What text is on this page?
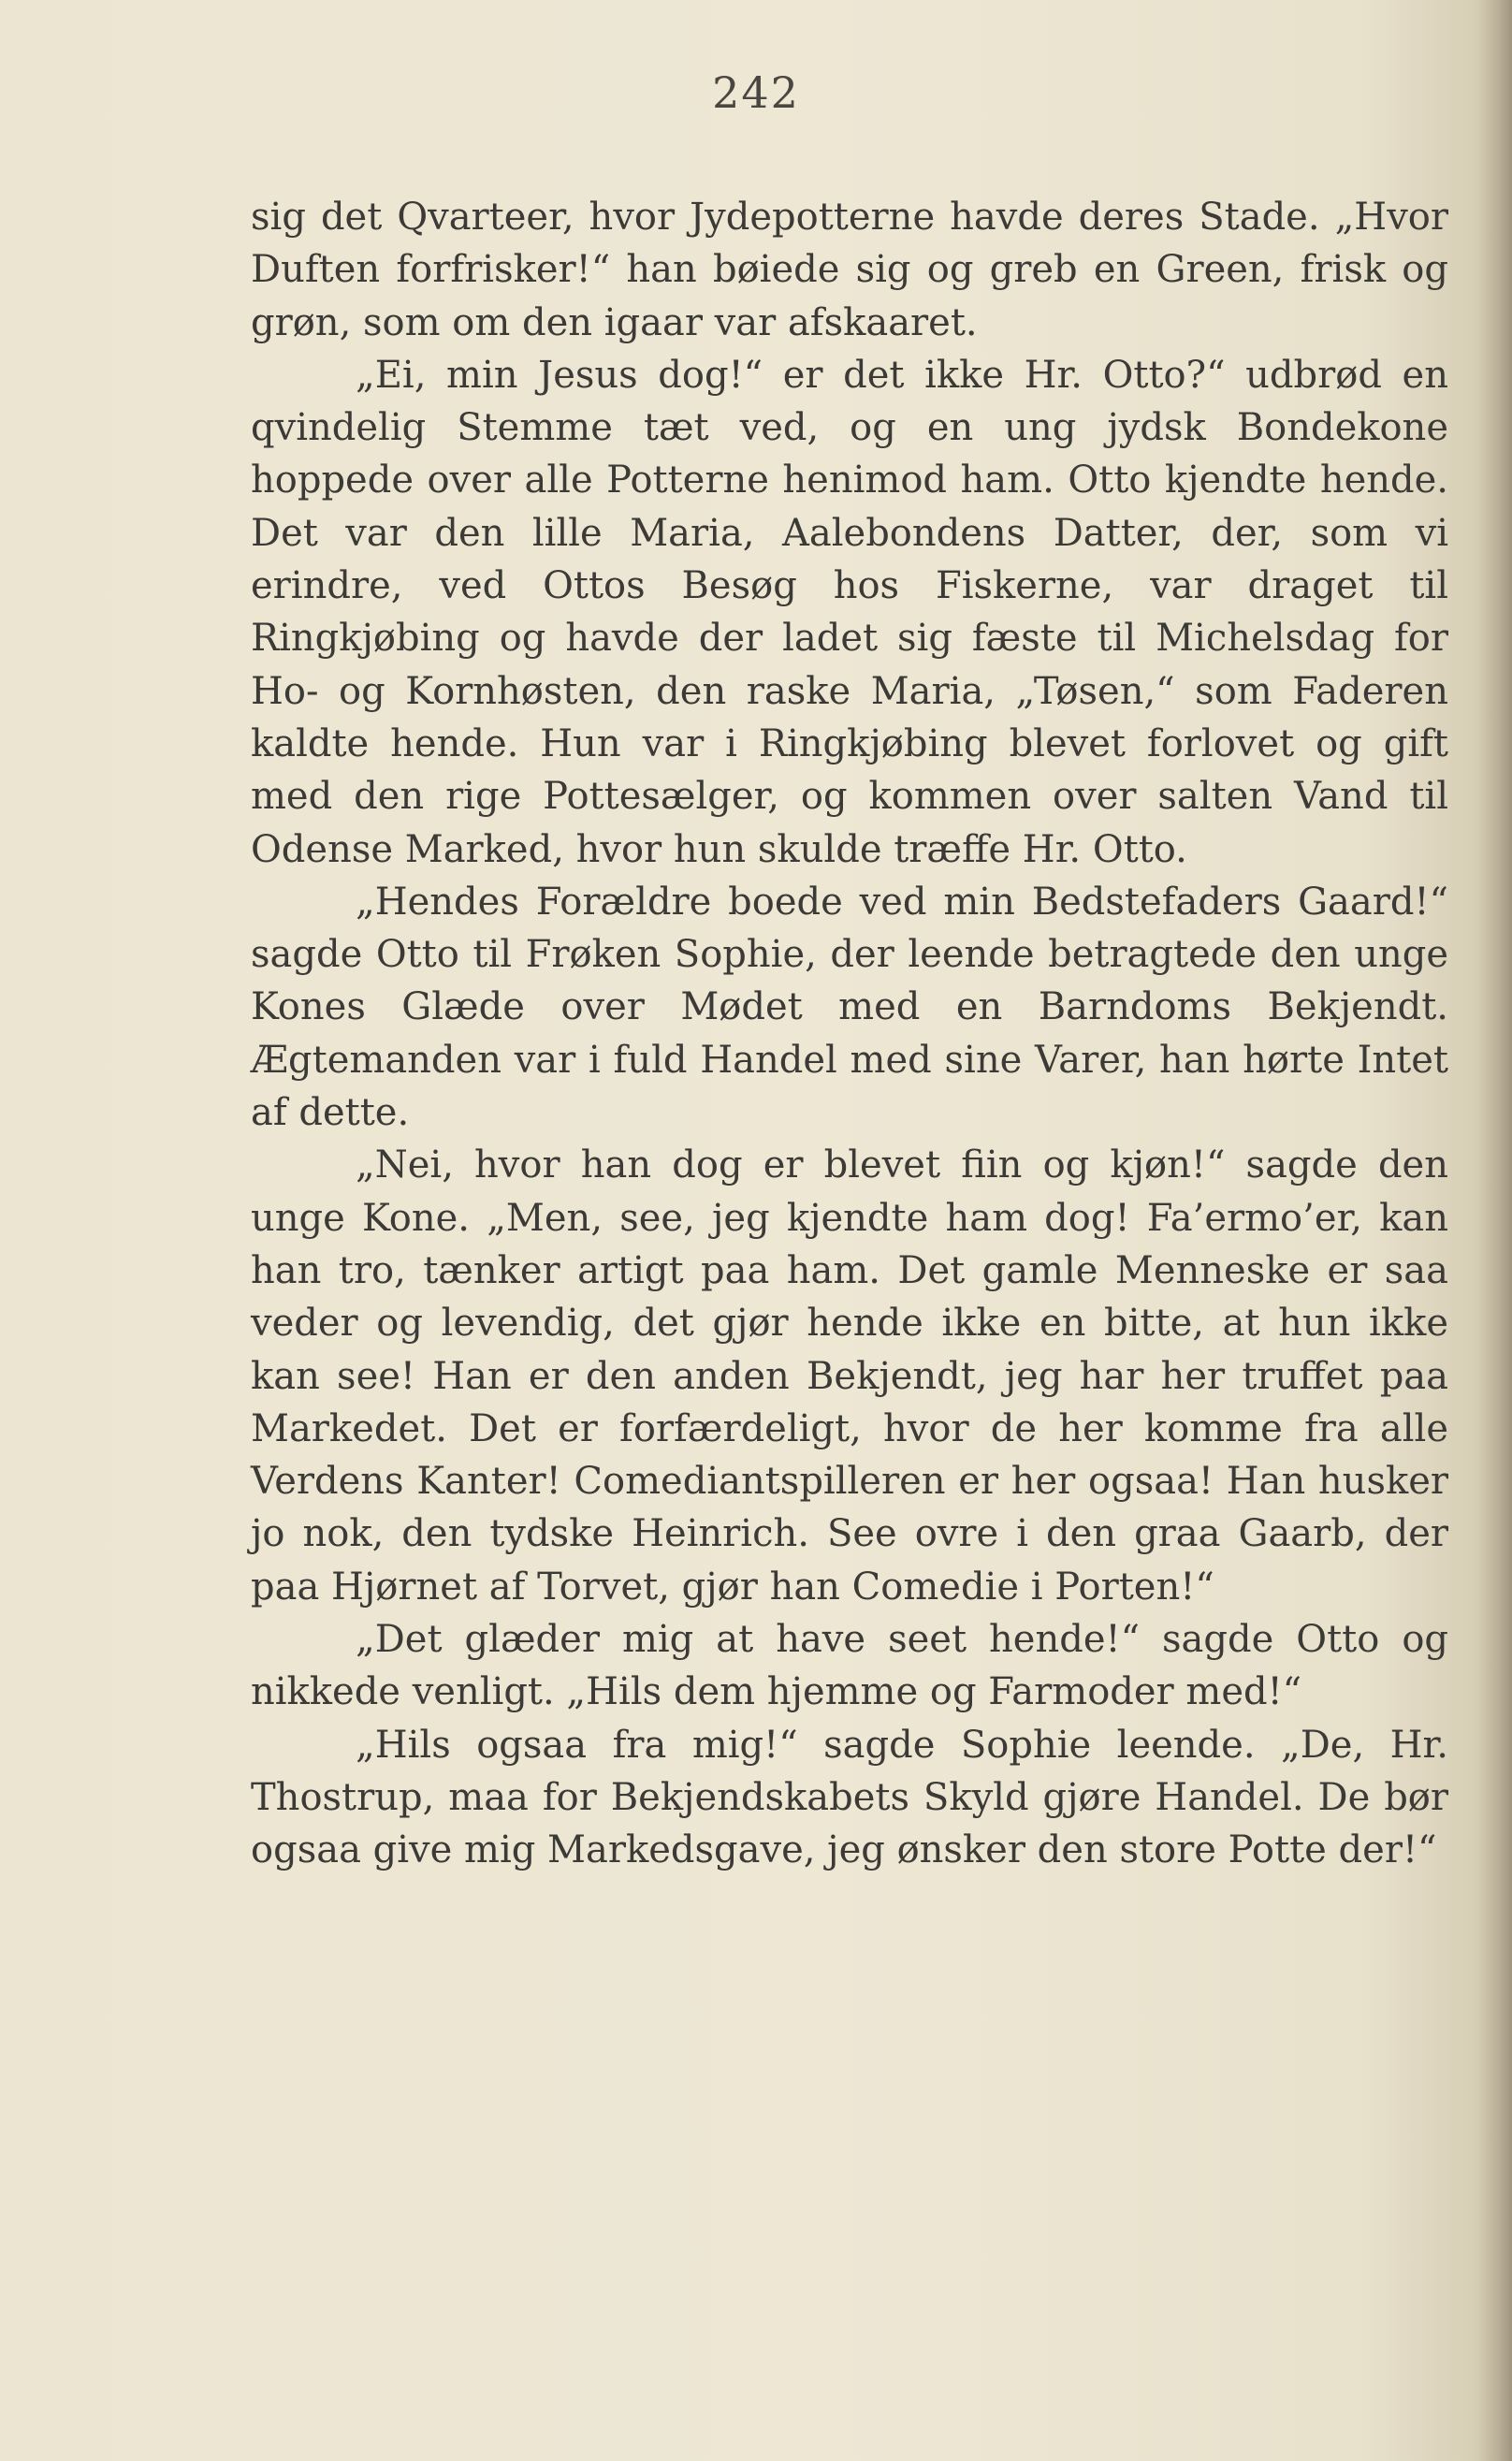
242

sig det Qvarteer, hvor Jydepotterne havde deres Stade. „Hvor Duften forfrisker!“ han bøiede sig og greb en Green, frisk og grøn, som om den igaar var afskaaret.

„Ei, min Jesus dog!“ er det ikke Hr. Otto?“ udbrød en qvindelig Stemme tæt ved, og en ung jydsk Bondekone hoppede over alle Potterne henimod ham. Otto kjendte hende. Det var den lille Maria, Aalebondens Datter, der, som vi erindre, ved Ottos Besøg hos Fiskerne, var draget til Ringkjøbing og havde der ladet sig fæste til Michelsdag for Ho- og Kornhøsten, den raske Maria, „Tøsen,“ som Faderen kaldte hende. Hun var i Ringkjøbing blevet forlovet og gift med den rige Pottesælger, og kommen over salten Vand til Odense Marked, hvor hun skulde træffe Hr. Otto.

„Hendes Forældre boede ved min Bedstefaders Gaard!“ sagde Otto til Frøken Sophie, der leende betragtede den unge Kones Glæde over Mødet med en Barndoms Bekjendt. Ægtemanden var i fuld Handel med sine Varer, han hørte Intet af dette.

„Nei, hvor han dog er blevet fiin og kjøn!“ sagde den unge Kone. „Men, see, jeg kjendte ham dog! Fa’ermo’er, kan han tro, tænker artigt paa ham. Det gamle Menneske er saa veder og levendig, det gjør hende ikke en bitte, at hun ikke kan see! Han er den anden Bekjendt, jeg har her truffet paa Markedet. Det er forfærdeligt, hvor de her komme fra alle Verdens Kanter! Comediantspilleren er her ogsaa! Han husker jo nok, den tydske Heinrich. See ovre i den graa Gaarb, der paa Hjørnet af Torvet, gjør han Comedie i Porten!“

„Det glæder mig at have seet hende!“ sagde Otto og nikkede venligt. „Hils dem hjemme og Farmoder med!“

„Hils ogsaa fra mig!“ sagde Sophie leende. „De, Hr. Thostrup, maa for Bekjendskabets Skyld gjøre Handel. De bør ogsaa give mig Markedsgave, jeg ønsker den store Potte der!“
